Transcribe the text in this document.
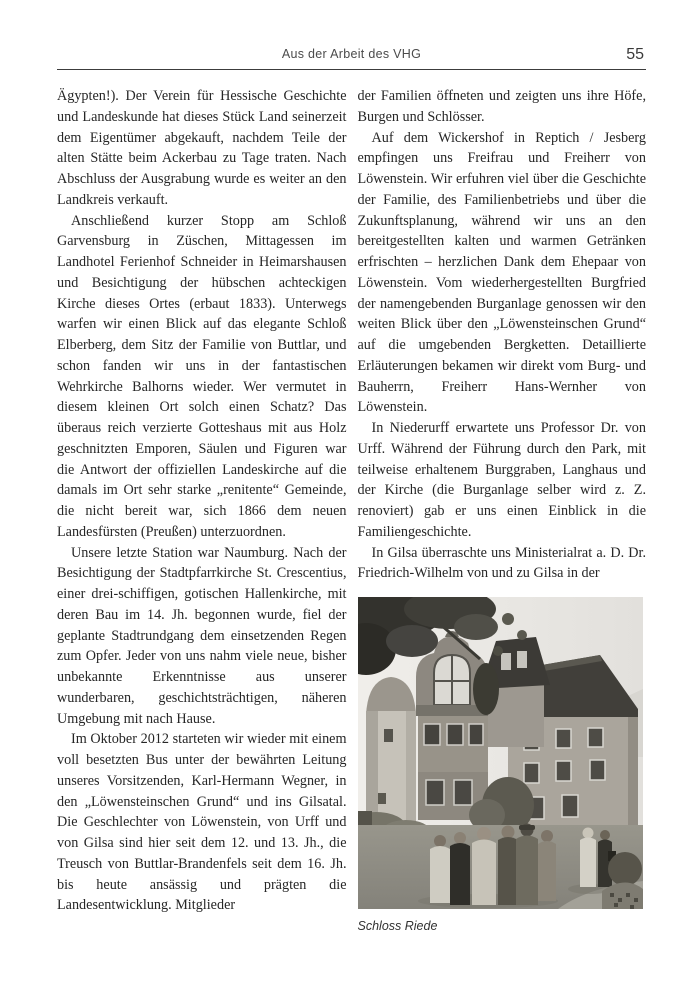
Aus der Arbeit des VHG	55

Ägypten!). Der Verein für Hessische Geschichte und Landeskunde hat dieses Stück Land seinerzeit dem Eigentümer abgekauft, nachdem Teile der alten Stätte beim Ackerbau zu Tage traten. Nach Abschluss der Ausgrabung wurde es weiter an den Landkreis verkauft.

Anschließend kurzer Stopp am Schloß Garvensburg in Züschen, Mittagessen im Landhotel Ferienhof Schneider in Heimarshausen und Besichtigung der hübschen achteckigen Kirche dieses Ortes (erbaut 1833). Unterwegs warfen wir einen Blick auf das elegante Schloß Elberberg, dem Sitz der Familie von Buttlar, und schon fanden wir uns in der fantastischen Wehrkirche Balhorns wieder. Wer vermutet in diesem kleinen Ort solch einen Schatz? Das überaus reich verzierte Gotteshaus mit aus Holz geschnitzten Emporen, Säulen und Figuren war die Antwort der offiziellen Landeskirche auf die damals im Ort sehr starke „renitente“ Gemeinde, die nicht bereit war, sich 1866 dem neuen Landesfürsten (Preußen) unterzuordnen.

Unsere letzte Station war Naumburg. Nach der Besichtigung der Stadtpfarrkirche St. Crescentius, einer drei-schiffigen, gotischen Hallenkirche, mit deren Bau im 14. Jh. begonnen wurde, fiel der geplante Stadtrundgang dem einsetzenden Regen zum Opfer. Jeder von uns nahm viele neue, bisher unbekannte Erkenntnisse aus unserer wunderbaren, geschichtsträchtigen, näheren Umgebung mit nach Hause.

Im Oktober 2012 starteten wir wieder mit einem voll besetzten Bus unter der bewährten Leitung unseres Vorsitzenden, Karl-Hermann Wegner, in den „Löwensteinschen Grund“ und ins Gilsatal. Die Geschlechter von Löwenstein, von Urff und von Gilsa sind hier seit dem 12. und 13. Jh., die Treusch von Buttlar-Brandenfels seit dem 16. Jh. bis heute ansässig und prägten die Landesentwicklung. Mitglieder

der Familien öffneten und zeigten uns ihre Höfe, Burgen und Schlösser.

Auf dem Wickershof in Reptich / Jesberg empfingen uns Freifrau und Freiherr von Löwenstein. Wir erfuhren viel über die Geschichte der Familie, des Familienbetriebs und über die Zukunftsplanung, während wir uns an den bereitgestellten kalten und warmen Getränken erfrischten – herzlichen Dank dem Ehepaar von Löwenstein. Vom wiederhergestellten Burgfried der namengebenden Burganlage genossen wir den weiten Blick über den „Löwensteinschen Grund“ auf die umgebenden Bergketten. Detaillierte Erläuterungen bekamen wir direkt vom Burg- und Bauherrn, Freiherr Hans-Wernher von Löwenstein.

In Niederurff erwartete uns Professor Dr. von Urff. Während der Führung durch den Park, mit teilweise erhaltenem Burggraben, Langhaus und der Kirche (die Burganlage selber wird z. Z. renoviert) gab er uns einen Einblick in die Familiengeschichte.

In Gilsa überraschte uns Ministerialrat a. D. Dr. Friedrich-Wilhelm von und zu Gilsa in der

Schloss Riede
